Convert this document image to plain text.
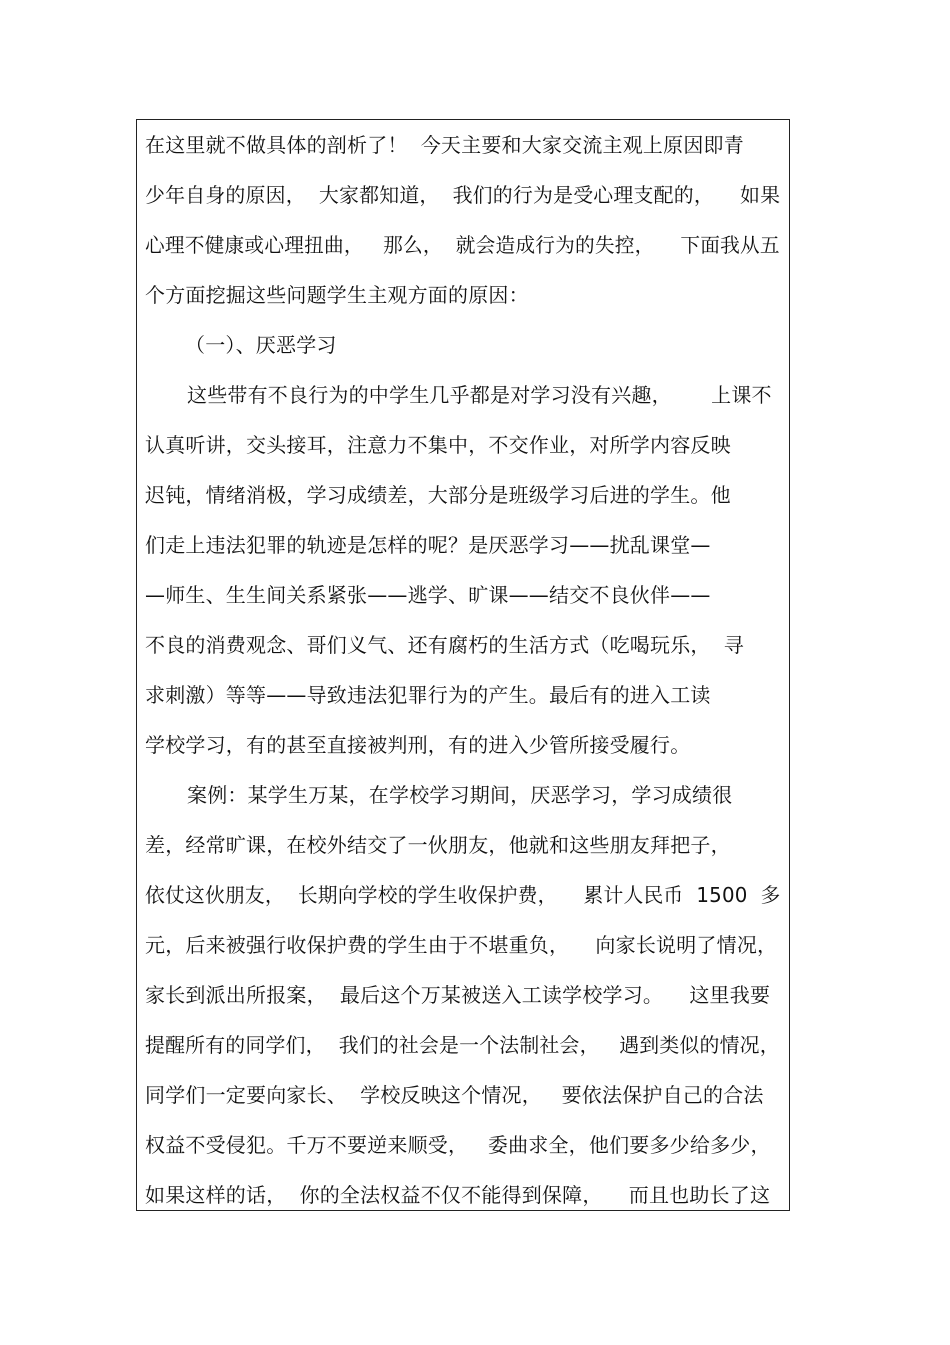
在这里就不做具体的剖析了！  今天主要和大家交流主观上原因即青
少年自身的原因，  大家都知道，  我们的行为是受心理支配的，    如果
心理不健康或心理扭曲，   那么，  就会造成行为的失控，    下面我从五
个方面挖掘这些问题学生主观方面的原因：
（一）、厌恶学习
这些带有不良行为的中学生几乎都是对学习没有兴趣，      上课不
认真听讲，交头接耳，注意力不集中，不交作业，对所学内容反映
迟钝，情绪消极，学习成绩差，大部分是班级学习后进的学生。他
们走上违法犯罪的轨迹是怎样的呢？是厌恶学习——扰乱课堂—
—师生、生生间关系紧张——逃学、旷课——结交不良伙伴——
不良的消费观念、哥们义气、还有腐朽的生活方式（吃喝玩乐，  寻
求刺激）等等——导致违法犯罪行为的产生。最后有的进入工读
学校学习，有的甚至直接被判刑，有的进入少管所接受履行。
案例：某学生万某，在学校学习期间，厌恶学习，学习成绩很
差，经常旷课，在校外结交了一伙朋友，他就和这些朋友拜把子，
依仗这伙朋友，  长期向学校的学生收保护费，    累计人民币  1500  多
元，后来被强行收保护费的学生由于不堪重负，    向家长说明了情况，
家长到派出所报案，  最后这个万某被送入工读学校学习。    这里我要
提醒所有的同学们，  我们的社会是一个法制社会，   遇到类似的情况，
同学们一定要向家长、  学校反映这个情况，   要依法保护自己的合法
权益不受侵犯。千万不要逆来顺受，   委曲求全，他们要多少给多少，
如果这样的话，  你的全法权益不仅不能得到保障，    而且也助长了这
